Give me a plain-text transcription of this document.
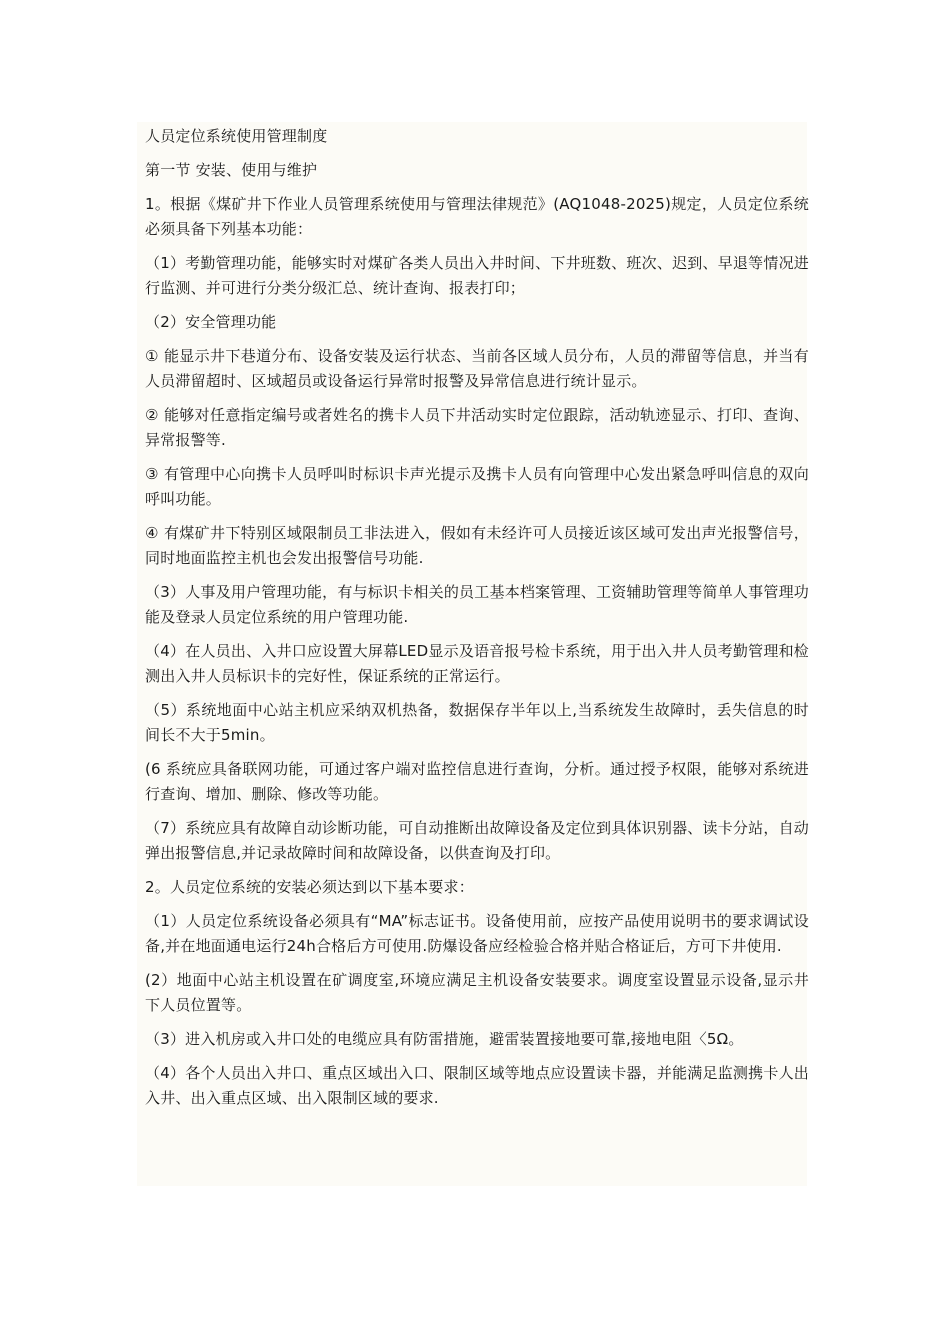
人员定位系统使用管理制度

第一节 安装、使用与维护

1。根据《煤矿井下作业人员管理系统使用与管理法律规范》(AQ1048-2025)规定，人员定位系统必须具备下列基本功能：

（1）考勤管理功能，能够实时对煤矿各类人员出入井时间、下井班数、班次、迟到、早退等情况进行监测、并可进行分类分级汇总、统计查询、报表打印；

（2）安全管理功能

① 能显示井下巷道分布、设备安装及运行状态、当前各区域人员分布，人员的滞留等信息，并当有人员滞留超时、区域超员或设备运行异常时报警及异常信息进行统计显示。

② 能够对任意指定编号或者姓名的携卡人员下井活动实时定位跟踪，活动轨迹显示、打印、查询、异常报警等.

③ 有管理中心向携卡人员呼叫时标识卡声光提示及携卡人员有向管理中心发出紧急呼叫信息的双向呼叫功能。

④ 有煤矿井下特别区域限制员工非法进入，假如有未经许可人员接近该区域可发出声光报警信号，同时地面监控主机也会发出报警信号功能.

（3）人事及用户管理功能，有与标识卡相关的员工基本档案管理、工资辅助管理等简单人事管理功能及登录人员定位系统的用户管理功能.

（4）在人员出、入井口应设置大屏幕LED显示及语音报号检卡系统，用于出入井人员考勤管理和检测出入井人员标识卡的完好性，保证系统的正常运行。

（5）系统地面中心站主机应采纳双机热备，数据保存半年以上,当系统发生故障时，丢失信息的时间长不大于5min。

(6 系统应具备联网功能，可通过客户端对监控信息进行查询，分析。通过授予权限，能够对系统进行查询、增加、删除、修改等功能。

（7）系统应具有故障自动诊断功能，可自动推断出故障设备及定位到具体识别器、读卡分站，自动弹出报警信息,并记录故障时间和故障设备，以供查询及打印。

2。人员定位系统的安装必须达到以下基本要求：

（1）人员定位系统设备必须具有“MA”标志证书。设备使用前，应按产品使用说明书的要求调试设备,并在地面通电运行24h合格后方可使用.防爆设备应经检验合格并贴合格证后，方可下井使用.

(2）地面中心站主机设置在矿调度室,环境应满足主机设备安装要求。调度室设置显示设备,显示井下人员位置等。

（3）进入机房或入井口处的电缆应具有防雷措施，避雷装置接地要可靠,接地电阻〈5Ω。

（4）各个人员出入井口、重点区域出入口、限制区域等地点应设置读卡器，并能满足监测携卡人出入井、出入重点区域、出入限制区域的要求.
